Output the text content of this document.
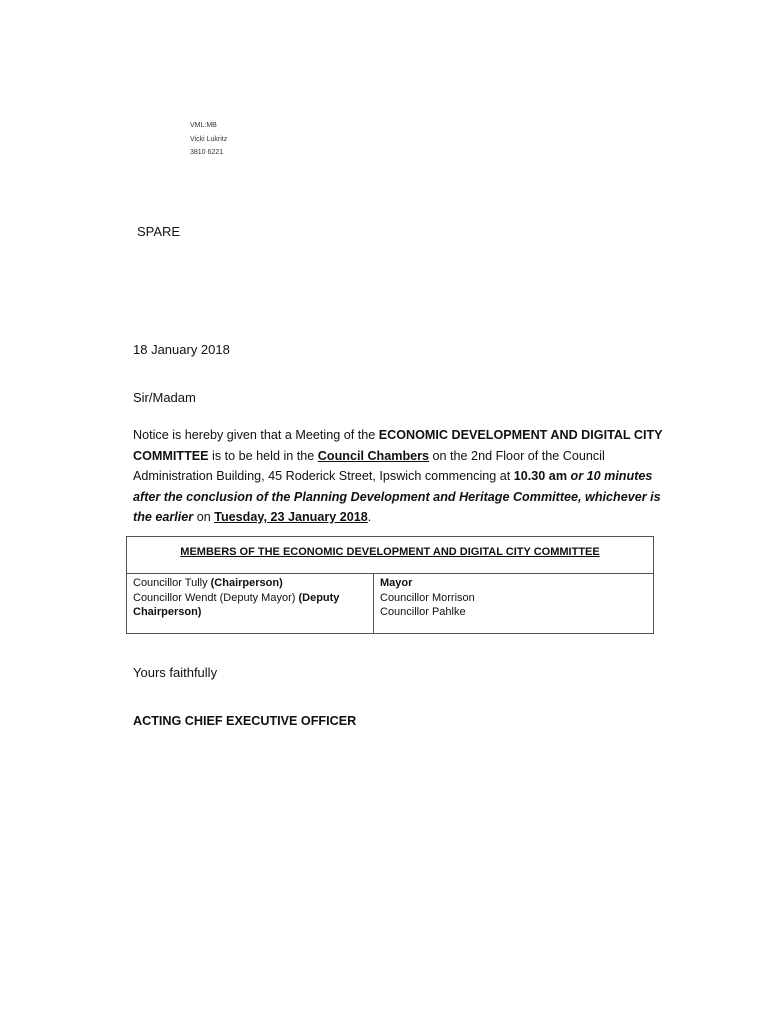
VML:MB
Vicki Lukritz
3810 6221
SPARE
18 January 2018
Sir/Madam
Notice is hereby given that a Meeting of the ECONOMIC DEVELOPMENT AND DIGITAL CITY COMMITTEE is to be held in the Council Chambers on the 2nd Floor of the Council Administration Building, 45 Roderick Street, Ipswich commencing at 10.30 am or 10 minutes after the conclusion of the Planning Development and Heritage Committee, whichever is the earlier on Tuesday, 23 January 2018.
MEMBERS OF THE ECONOMIC DEVELOPMENT AND DIGITAL CITY COMMITTEE
Councillor Tully (Chairperson)
Councillor Wendt (Deputy Mayor) (Deputy Chairperson)
Mayor
Councillor Morrison
Councillor Pahlke
Yours faithfully
ACTING CHIEF EXECUTIVE OFFICER
